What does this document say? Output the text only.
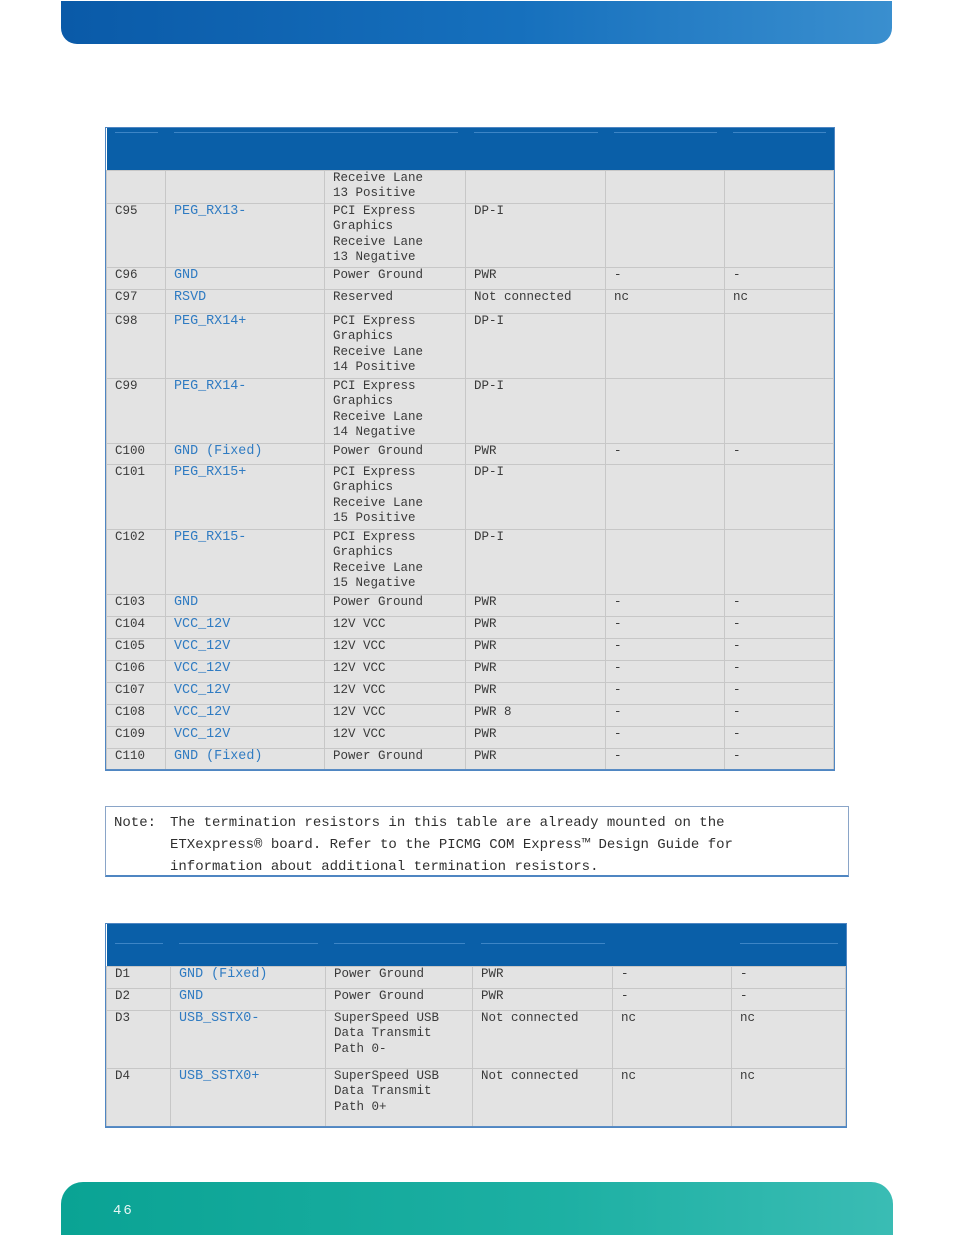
		Receive Lane
13 Positive			
C95	PEG_RX13-	PCI Express
Graphics
Receive Lane
13 Negative	DP-I		
C96	GND	Power Ground	PWR	-	-
C97	RSVD	Reserved	Not connected	nc	nc
C98	PEG_RX14+	PCI Express
Graphics
Receive Lane
14 Positive	DP-I		
C99	PEG_RX14-	PCI Express
Graphics
Receive Lane
14 Negative	DP-I		
C100	GND (Fixed)	Power Ground	PWR	-	-
C101	PEG_RX15+	PCI Express
Graphics
Receive Lane
15 Positive	DP-I		
C102	PEG_RX15-	PCI Express
Graphics
Receive Lane
15 Negative	DP-I		
C103	GND	Power Ground	PWR	-	-
C104	VCC_12V	12V VCC	PWR	-	-
C105	VCC_12V	12V VCC	PWR	-	-
C106	VCC_12V	12V VCC	PWR	-	-
C107	VCC_12V	12V VCC	PWR	-	-
C108	VCC_12V	12V VCC	PWR 8	-	-
C109	VCC_12V	12V VCC	PWR	-	-
C110	GND (Fixed)	Power Ground	PWR	-	-
Note: The termination resistors in this table are already mounted on the
ETXexpress® board. Refer to the PICMG COM Express™ Design Guide for
information about additional termination resistors.

D1	GND (Fixed)	Power Ground	PWR	-	-
D2	GND	Power Ground	PWR	-	-
D3	USB_SSTX0-	SuperSpeed USB
Data Transmit
Path 0-	Not connected	nc	nc
D4	USB_SSTX0+	SuperSpeed USB
Data Transmit
Path 0+	Not connected	nc	nc
46
